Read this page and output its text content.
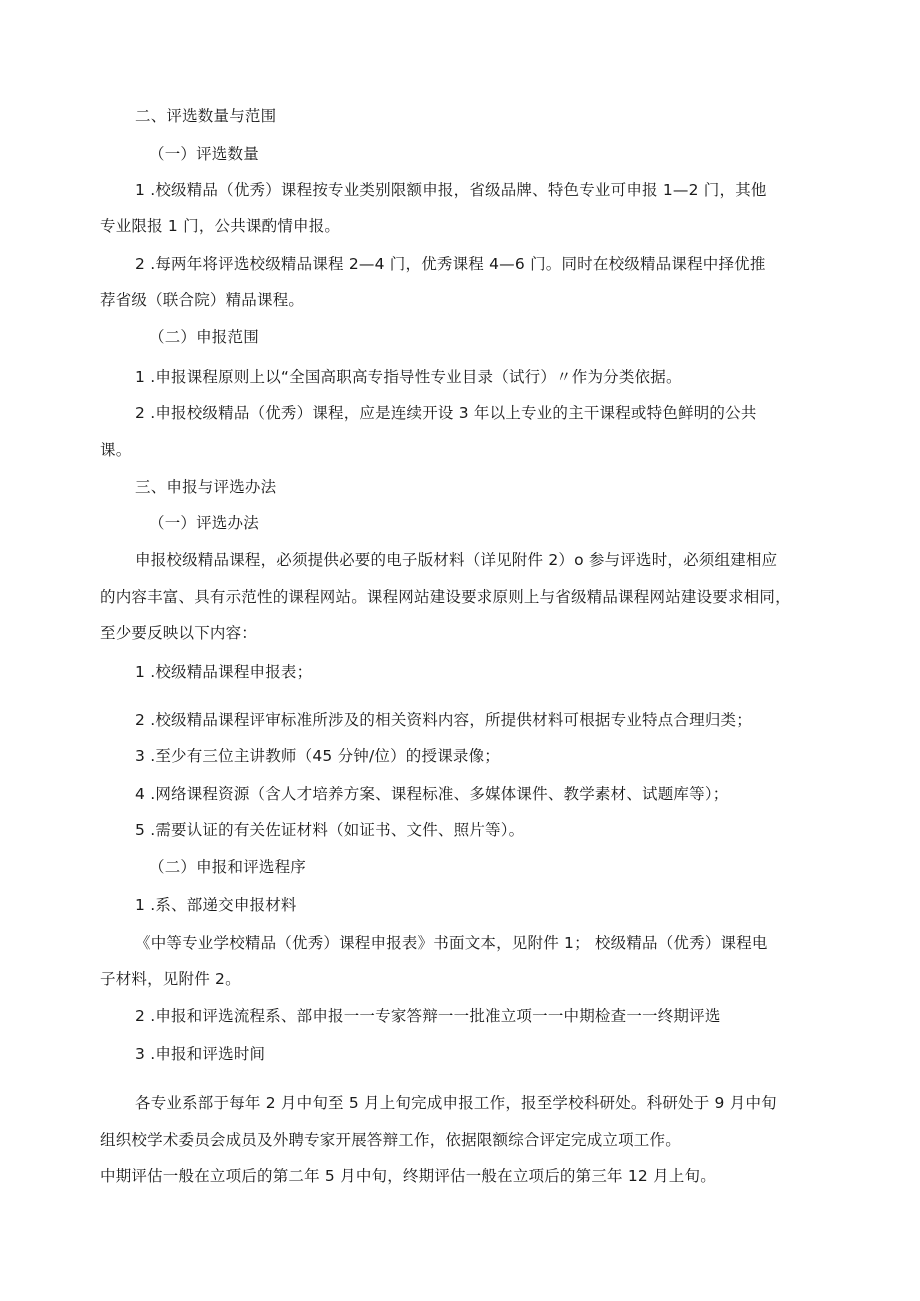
二、评选数量与范围
（一）评选数量
1 .校级精品（优秀）课程按专业类别限额申报，省级品牌、特色专业可申报 1—2 门，其他
专业限报 1 门，公共课酌情申报。
2 .每两年将评选校级精品课程 2—4 门，优秀课程 4—6 门。同时在校级精品课程中择优推
荐省级（联合院）精品课程。
（二）申报范围
1 .申报课程原则上以“全国高职高专指导性专业目录（试行）〃作为分类依据。
2 .申报校级精品（优秀）课程，应是连续开设 3 年以上专业的主干课程或特色鲜明的公共
课。
三、申报与评选办法
（一）评选办法
申报校级精品课程，必须提供必要的电子版材料（详见附件 2）o 参与评选时，必须组建相应
的内容丰富、具有示范性的课程网站。课程网站建设要求原则上与省级精品课程网站建设要求相同，
至少要反映以下内容：
1 .校级精品课程申报表；
2 .校级精品课程评审标准所涉及的相关资料内容，所提供材料可根据专业特点合理归类；
3 .至少有三位主讲教师（45 分钟/位）的授课录像；
4 .网络课程资源（含人才培养方案、课程标准、多媒体课件、教学素材、试题库等）；
5 .需要认证的有关佐证材料（如证书、文件、照片等）。
（二）申报和评选程序
1 .系、部递交申报材料
《中等专业学校精品（优秀）课程申报表》书面文本，见附件 1； 校级精品（优秀）课程电
子材料，见附件 2。
2 .申报和评选流程系、部申报一一专家答辩一一批准立项一一中期检查一一终期评选
3 .申报和评选时间
各专业系部于每年 2 月中旬至 5 月上旬完成申报工作，报至学校科研处。科研处于 9 月中旬
组织校学术委员会成员及外聘专家开展答辩工作，依据限额综合评定完成立项工作。
中期评估一般在立项后的第二年 5 月中旬，终期评估一般在立项后的第三年 12 月上旬。
